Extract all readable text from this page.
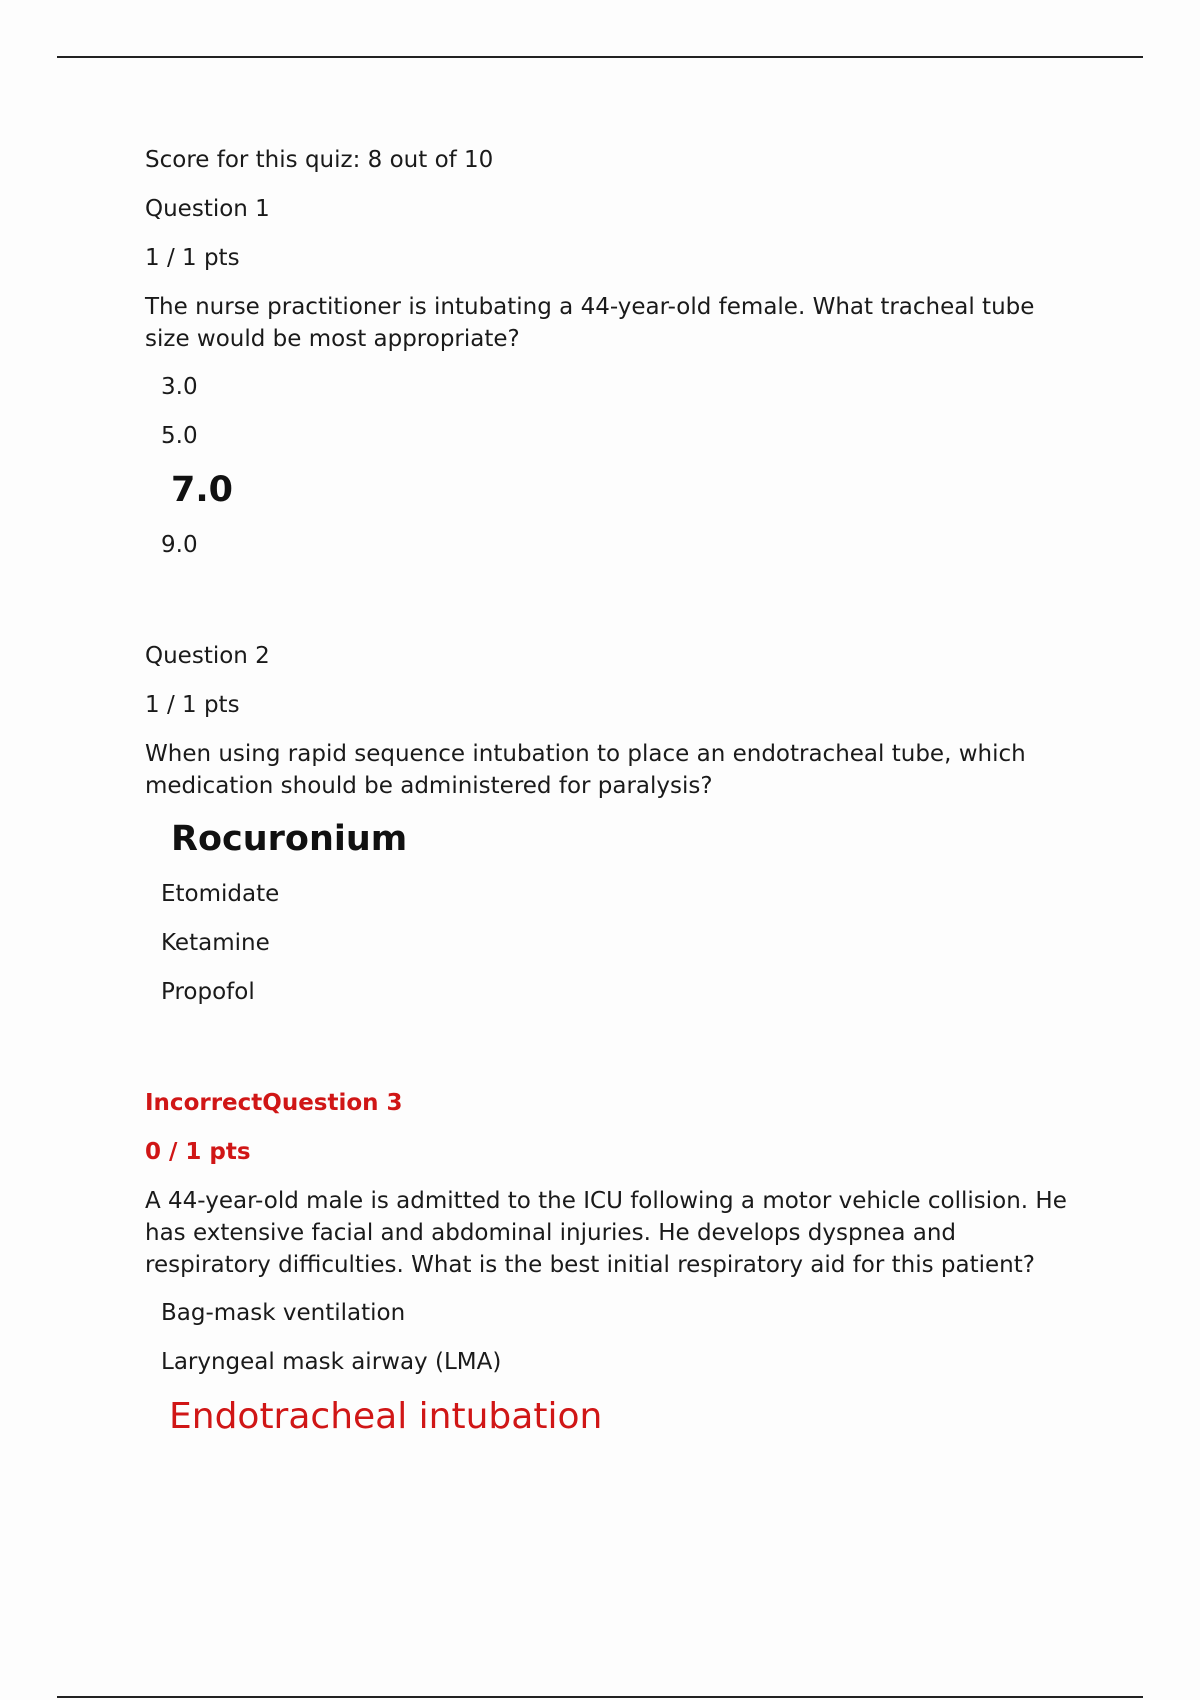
Score for this quiz: 8 out of 10

Question 1

1 / 1 pts

The nurse practitioner is intubating a 44-year-old female. What tracheal tube size would be most appropriate?

3.0
5.0
7.0
9.0

Question 2

1 / 1 pts

When using rapid sequence intubation to place an endotracheal tube, which medication should be administered for paralysis?

Rocuronium
Etomidate
Ketamine
Propofol

IncorrectQuestion 3

0 / 1 pts

A 44-year-old male is admitted to the ICU following a motor vehicle collision. He has extensive facial and abdominal injuries. He develops dyspnea and respiratory difficulties. What is the best initial respiratory aid for this patient?

Bag-mask ventilation
Laryngeal mask airway (LMA)
Endotracheal intubation
